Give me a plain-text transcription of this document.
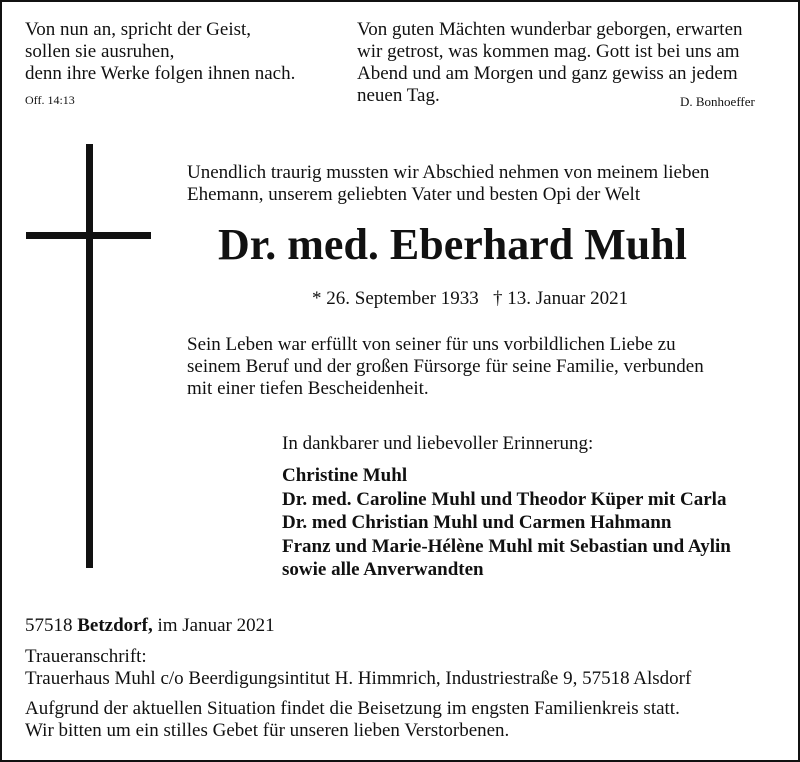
Von nun an, spricht der Geist,
sollen sie ausruhen,
denn ihre Werke folgen ihnen nach.
Off. 14:13
Von guten Mächten wunderbar geborgen, erwarten
wir getrost, was kommen mag. Gott ist bei uns am
Abend und am Morgen und ganz gewiss an jedem
neuen Tag.	D. Bonhoeffer
Unendlich traurig mussten wir Abschied nehmen von meinem lieben
Ehemann, unserem geliebten Vater und besten Opi der Welt
Dr. med. Eberhard Muhl
* 26. September 1933   † 13. Januar 2021
Sein Leben war erfüllt von seiner für uns vorbildlichen Liebe zu
seinem Beruf und der großen Fürsorge für seine Familie, verbunden
mit einer tiefen Bescheidenheit.
In dankbarer und liebevoller Erinnerung:
Christine Muhl
Dr. med. Caroline Muhl und Theodor Küper mit Carla
Dr. med Christian Muhl und Carmen Hahmann
Franz und Marie-Hélène Muhl mit Sebastian und Aylin
sowie alle Anverwandten
57518 Betzdorf, im Januar 2021
Traueranschrift:
Trauerhaus Muhl c/o Beerdigungsintitut H. Himmrich, Industriestraße 9, 57518 Alsdorf
Aufgrund der aktuellen Situation findet die Beisetzung im engsten Familienkreis statt.
Wir bitten um ein stilles Gebet für unseren lieben Verstorbenen.
